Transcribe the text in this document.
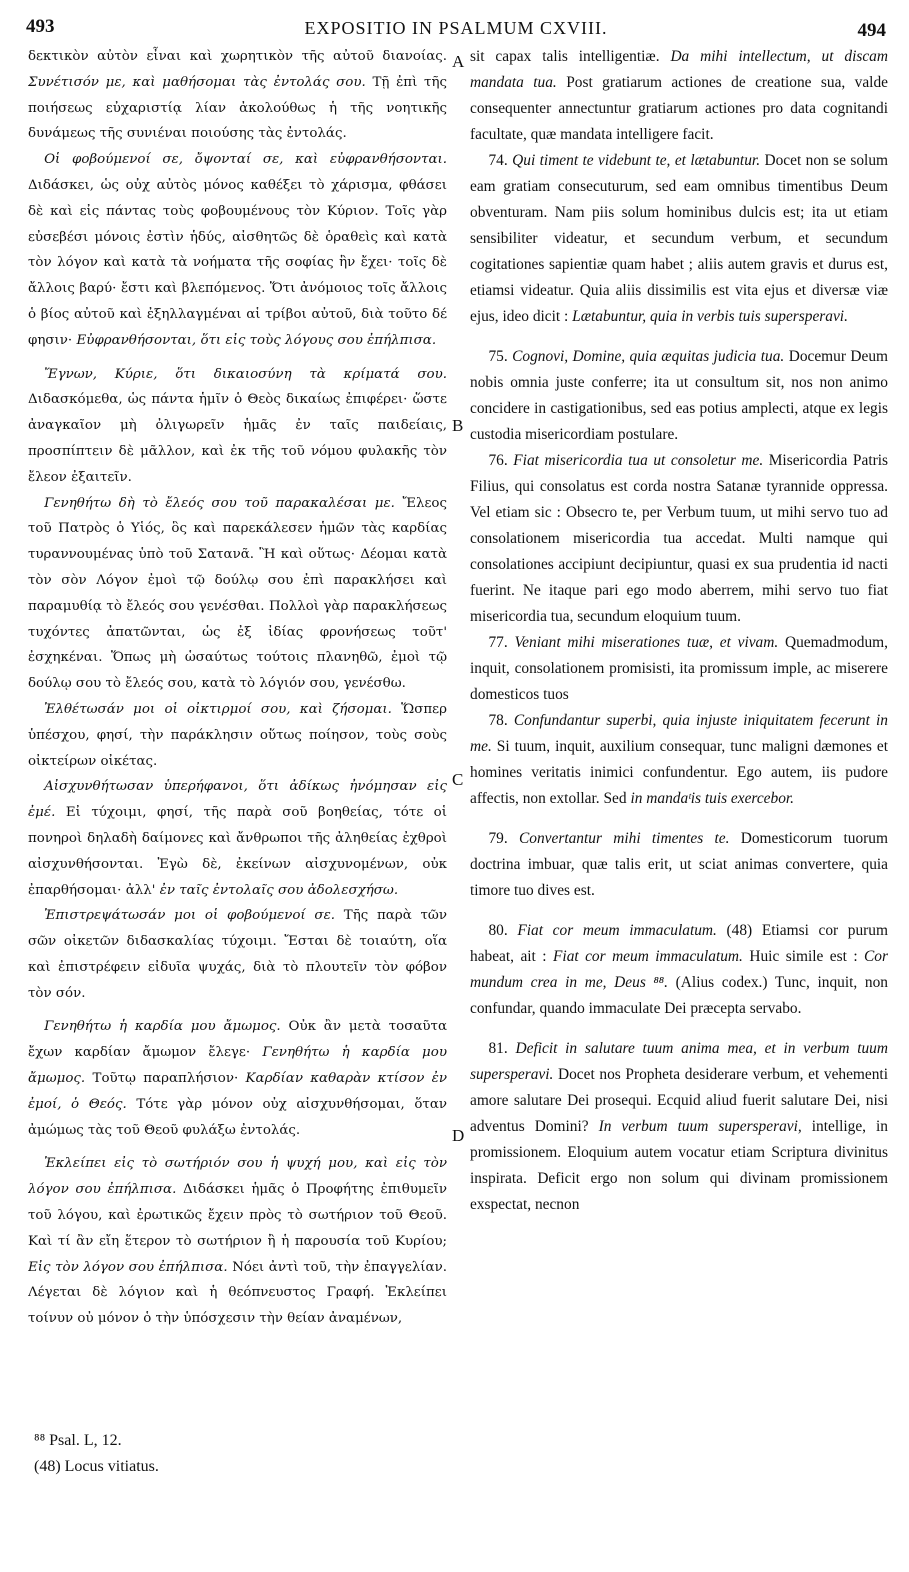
493	EXPOSITIO IN PSALMUM CXVIII.	494

δεκτικὸν αὐτὸν εἶναι καὶ χωρητικὸν τῆς αὐτοῦ διανοίας. Συνέτισόν με, καὶ μαθήσομαι τὰς ἐντολάς σου. Τῇ ἐπὶ τῆς ποιήσεως εὐχαριστίᾳ λίαν ἀκολούθως ἡ τῆς νοητικῆς δυνάμεως τῆς συνιέναι ποιούσης τὰς ἐντολάς.

Οἱ φοβούμενοί σε, ὄψονταί σε, καὶ εὐφρανθήσονται. Διδάσκει, ὡς οὐχ αὐτὸς μόνος καθέξει τὸ χάρισμα, φθάσει δὲ καὶ εἰς πάντας τοὺς φοβουμένους τὸν Κύριον. Τοῖς γὰρ εὐσεβέσι μόνοις ἐστὶν ἡδύς, αἰσθητῶς δὲ ὁραθεὶς καὶ κατὰ τὸν λόγον καὶ κατὰ τὰ νοήματα τῆς σοφίας ἣν ἔχει· τοῖς δὲ ἄλλοις βαρύ· ἔστι καὶ βλεπόμενος. Ὅτι ἀνόμοιος τοῖς ἄλλοις ὁ βίος αὐτοῦ καὶ ἐξηλλαγμέναι αἱ τρίβοι αὐτοῦ, διὰ τοῦτο δέ φησιν· Εὐφρανθήσονται, ὅτι εἰς τοὺς λόγους σου ἐπήλπισα.

Ἔγνων, Κύριε, ὅτι δικαιοσύνη τὰ κρίματά σου. Διδασκόμεθα, ὡς πάντα ἡμῖν ὁ Θεὸς δικαίως ἐπιφέρει· ὥστε ἀναγκαῖον μὴ ὀλιγωρεῖν ἡμᾶς ἐν ταῖς παιδείαις, προσπίπτειν δὲ μᾶλλον, καὶ ἐκ τῆς τοῦ νόμου φυλακῆς τὸν ἔλεον ἐξαιτεῖν.

Γενηθήτω δὴ τὸ ἔλεός σου τοῦ παρακαλέσαι με. Ἔλεος τοῦ Πατρὸς ὁ Υἱός, ὃς καὶ παρεκάλεσεν ἡμῶν τὰς καρδίας τυραννουμένας ὑπὸ τοῦ Σατανᾶ. Ἢ καὶ οὕτως· Δέομαι κατὰ τὸν σὸν Λόγον ἐμοὶ τῷ δούλῳ σου ἐπὶ παρακλήσει καὶ παραμυθίᾳ τὸ ἔλεός σου γενέσθαι. Πολλοὶ γὰρ παρακλήσεως τυχόντες ἀπατῶνται, ὡς ἐξ ἰδίας φρονήσεως τοῦτ' ἐσχηκέναι. Ὅπως μὴ ὡσαύτως τούτοις πλανηθῶ, ἐμοὶ τῷ δούλῳ σου τὸ ἔλεός σου, κατὰ τὸ λόγιόν σου, γενέσθω.

Ἐλθέτωσάν μοι οἱ οἰκτιρμοί σου, καὶ ζήσομαι. Ὥσπερ ὑπέσχου, φησί, τὴν παράκλησιν οὕτως ποίησον, τοὺς σοὺς οἰκτείρων οἰκέτας.

Αἰσχυνθήτωσαν ὑπερήφανοι, ὅτι ἀδίκως ἠνόμησαν εἰς ἐμέ. Εἰ τύχοιμι, φησί, τῆς παρὰ σοῦ βοηθείας, τότε οἱ πονηροὶ δηλαδὴ δαίμονες καὶ ἄνθρωποι τῆς ἀληθείας ἐχθροὶ αἰσχυνθήσονται. Ἐγὼ δὲ, ἐκείνων αἰσχυνομένων, οὐκ ἐπαρθήσομαι· ἀλλ' ἐν ταῖς ἐντολαῖς σου ἀδολεσχήσω.

Ἐπιστρεψάτωσάν μοι οἱ φοβούμενοί σε. Τῆς παρὰ τῶν σῶν οἰκετῶν διδασκαλίας τύχοιμι. Ἔσται δὲ τοιαύτη, οἵα καὶ ἐπιστρέφειν εἰδυῖα ψυχάς, διὰ τὸ πλουτεῖν τὸν φόβον τὸν σόν.

Γενηθήτω ἡ καρδία μου ἄμωμος. Οὐκ ἂν μετὰ τοσαῦτα ἔχων καρδίαν ἄμωμον ἔλεγε· Γενηθήτω ἡ καρδία μου ἄμωμος. Τοῦτῳ παραπλήσιον· Καρδίαν καθαρὰν κτίσον ἐν ἐμοί, ὁ Θεός. Τότε γὰρ μόνον οὐχ αἰσχυνθήσομαι, ὅταν ἀμώμως τὰς τοῦ Θεοῦ φυλάξω ἐντολάς.

Ἐκλείπει εἰς τὸ σωτήριόν σου ἡ ψυχή μου, καὶ εἰς τὸν λόγον σου ἐπήλπισα. Διδάσκει ἡμᾶς ὁ Προφήτης ἐπιθυμεῖν τοῦ λόγου, καὶ ἐρωτικῶς ἔχειν πρὸς τὸ σωτήριον τοῦ Θεοῦ. Καὶ τί ἂν εἴη ἕτερον τὸ σωτήριον ἢ ἡ παρουσία τοῦ Κυρίου; Εἰς τὸν λόγον σου ἐπήλπισα. Νόει ἀντὶ τοῦ, τὴν ἐπαγγελίαν. Λέγεται δὲ λόγιον καὶ ἡ θεόπνευστος Γραφή. Ἐκλείπει τοίνυν οὐ μόνον ὁ τὴν ὑπόσχεσιν τὴν θείαν ἀναμένων,

A
B
C
D

sit capax talis intelligentiæ. Da mihi intellectum, ut discam mandata tua. Post gratiarum actiones de creatione sua, valde consequenter annectuntur gratiarum actiones pro data cognitandi facultate, quæ mandata intelligere facit.

74. Qui timent te videbunt te, et lætabuntur. Docet non se solum eam gratiam consecuturum, sed eam omnibus timentibus Deum obventuram. Nam piis solum hominibus dulcis est; ita ut etiam sensibiliter videatur, et secundum verbum, et secundum cogitationes sapientiæ quam habet ; aliis autem gravis et durus est, etiamsi videatur. Quia aliis dissimilis est vita ejus et diversæ viæ ejus, ideo dicit : Lætabuntur, quia in verbis tuis supersperavi.

75. Cognovi, Domine, quia æquitas judicia tua. Docemur Deum nobis omnia juste conferre; ita ut consultum sit, nos non animo concidere in castigationibus, sed eas potius amplecti, atque ex legis custodia misericordiam postulare.

76. Fiat misericordia tua ut consoletur me. Misericordia Patris Filius, qui consolatus est corda nostra Satanæ tyrannide oppressa. Vel etiam sic : Obsecro te, per Verbum tuum, ut mihi servo tuo ad consolationem misericordia tua accedat. Multi namque qui consolationes accipiunt decipiuntur, quasi ex sua prudentia id nacti fuerint. Ne itaque pari ego modo aberrem, mihi servo tuo fiat misericordia tua, secundum eloquium tuum.

77. Veniant mihi miserationes tuæ, et vivam. Quemadmodum, inquit, consolationem promisisti, ita promissum imple, ac miserere domesticos tuos

78. Confundantur superbi, quia injuste iniquitatem fecerunt in me. Si tuum, inquit, auxilium consequar, tunc maligni dæmones et homines veritatis inimici confundentur. Ego autem, iis pudore affectis, non extollar. Sed in mandaᵗis tuis exercebor.

79. Convertantur mihi timentes te. Domesticorum tuorum doctrina imbuar, quæ talis erit, ut sciat animas convertere, quia timore tuo dives est.

80. Fiat cor meum immaculatum. (48) Etiamsi cor purum habeat, ait : Fiat cor meum immaculatum. Huic simile est : Cor mundum crea in me, Deus ⁸⁸. (Alius codex.) Tunc, inquit, non confundar, quando immaculate Dei præcepta servabo.

81. Deficit in salutare tuum anima mea, et in verbum tuum supersperavi. Docet nos Propheta desiderare verbum, et vehementi amore salutare Dei prosequi. Ecquid aliud fuerit salutare Dei, nisi adventus Domini? In verbum tuum supersperavi, intellige, in promissionem. Eloquium autem vocatur etiam Scriptura divinitus inspirata. Deficit ergo non solum qui divinam promissionem exspectat, necnon

⁸⁸ Psal. L, 12.
(48) Locus vitiatus.
